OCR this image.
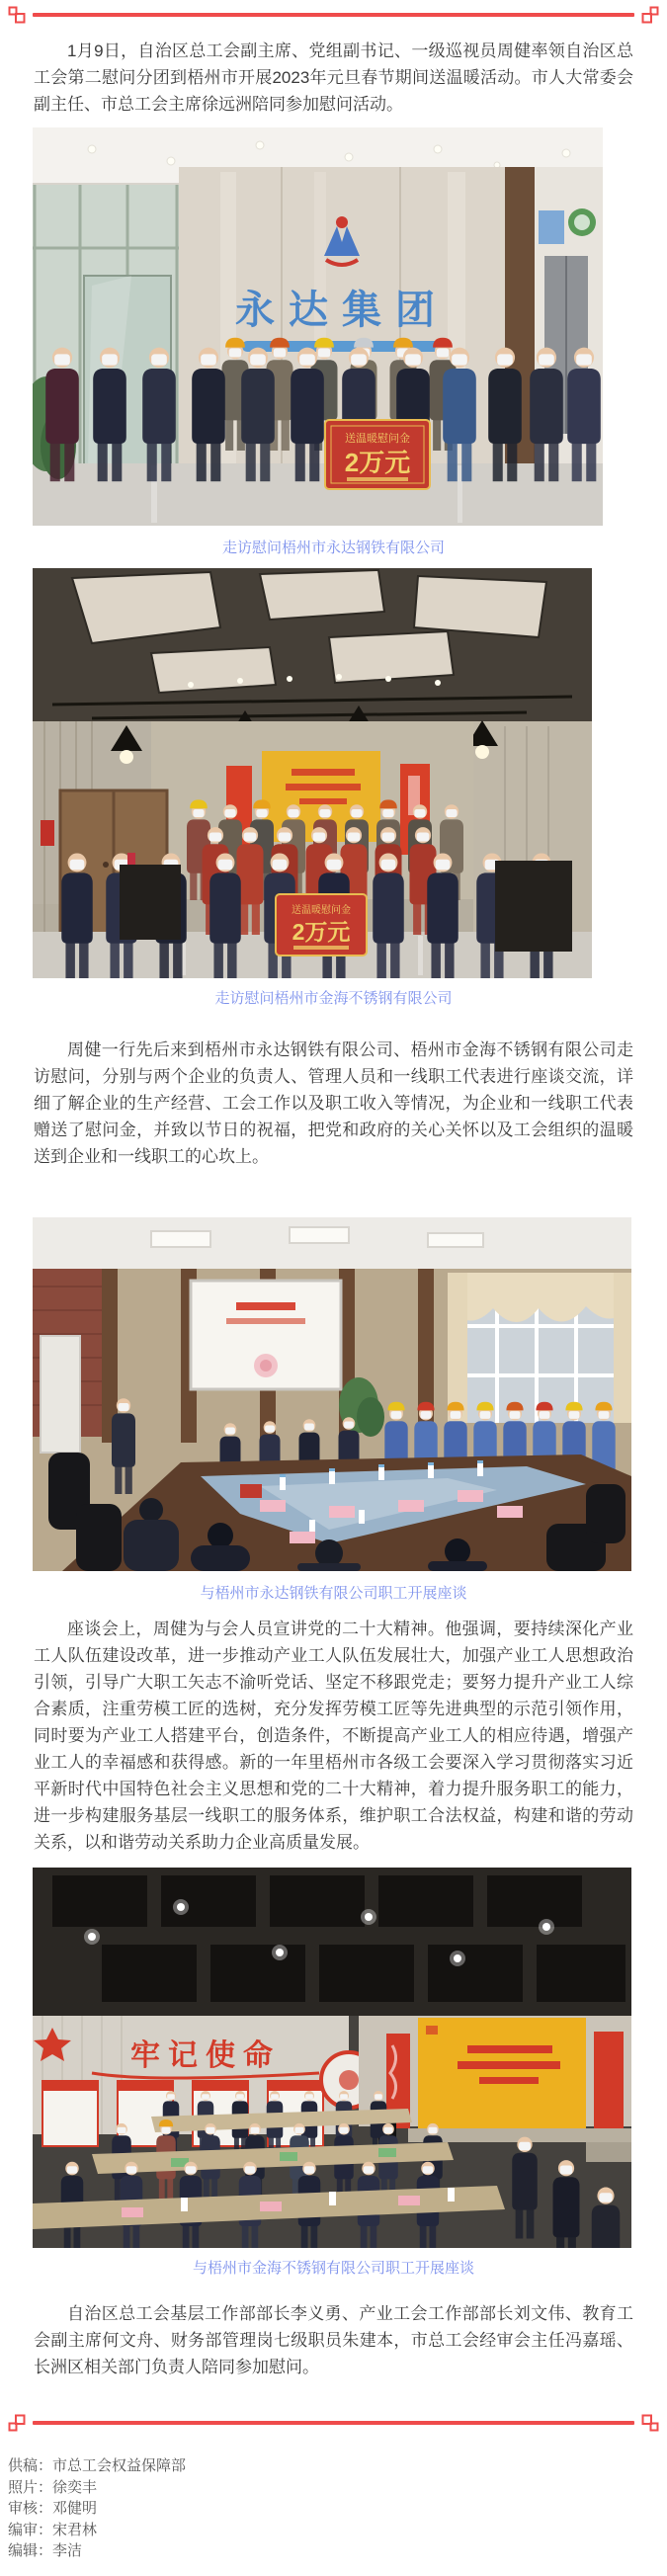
1月9日，自治区总工会副主席、党组副书记、一级巡视员周健率领自治区总工会第二慰问分团到梧州市开展2023年元旦春节期间送温暖活动。市人大常委会副主任、市总工会主席徐远洲陪同参加慰问活动。

永达集团
送温暖慰问金
2万元
走访慰问梧州市永达钢铁有限公司
送温暖慰问金
2万元
走访慰问梧州市金海不锈钢有限公司

周健一行先后来到梧州市永达钢铁有限公司、梧州市金海不锈钢有限公司走访慰问，分别与两个企业的负责人、管理人员和一线职工代表进行座谈交流，详细了解企业的生产经营、工会工作以及职工收入等情况，为企业和一线职工代表赠送了慰问金，并致以节日的祝福，把党和政府的关心关怀以及工会组织的温暖送到企业和一线职工的心坎上。

与梧州市永达钢铁有限公司职工开展座谈

座谈会上，周健为与会人员宣讲党的二十大精神。他强调，要持续深化产业工人队伍建设改革，进一步推动产业工人队伍发展壮大，加强产业工人思想政治引领，引导广大职工矢志不渝听党话、坚定不移跟党走；要努力提升产业工人综合素质，注重劳模工匠的选树，充分发挥劳模工匠等先进典型的示范引领作用，同时要为产业工人搭建平台，创造条件，不断提高产业工人的相应待遇，增强产业工人的幸福感和获得感。新的一年里梧州市各级工会要深入学习贯彻落实习近平新时代中国特色社会主义思想和党的二十大精神，着力提升服务职工的能力，进一步构建服务基层一线职工的服务体系，维护职工合法权益，构建和谐的劳动关系，以和谐劳动关系助力企业高质量发展。

牢记使命
与梧州市金海不锈钢有限公司职工开展座谈

自治区总工会基层工作部部长李义勇、产业工会工作部部长刘文伟、教育工会副主席何文舟、财务部管理岗七级职员朱建本，市总工会经审会主任冯嘉瑶、长洲区相关部门负责人陪同参加慰问。

供稿：市总工会权益保障部
照片：徐奕丰
审核：邓健明
编审：宋君林
编辑：李洁
